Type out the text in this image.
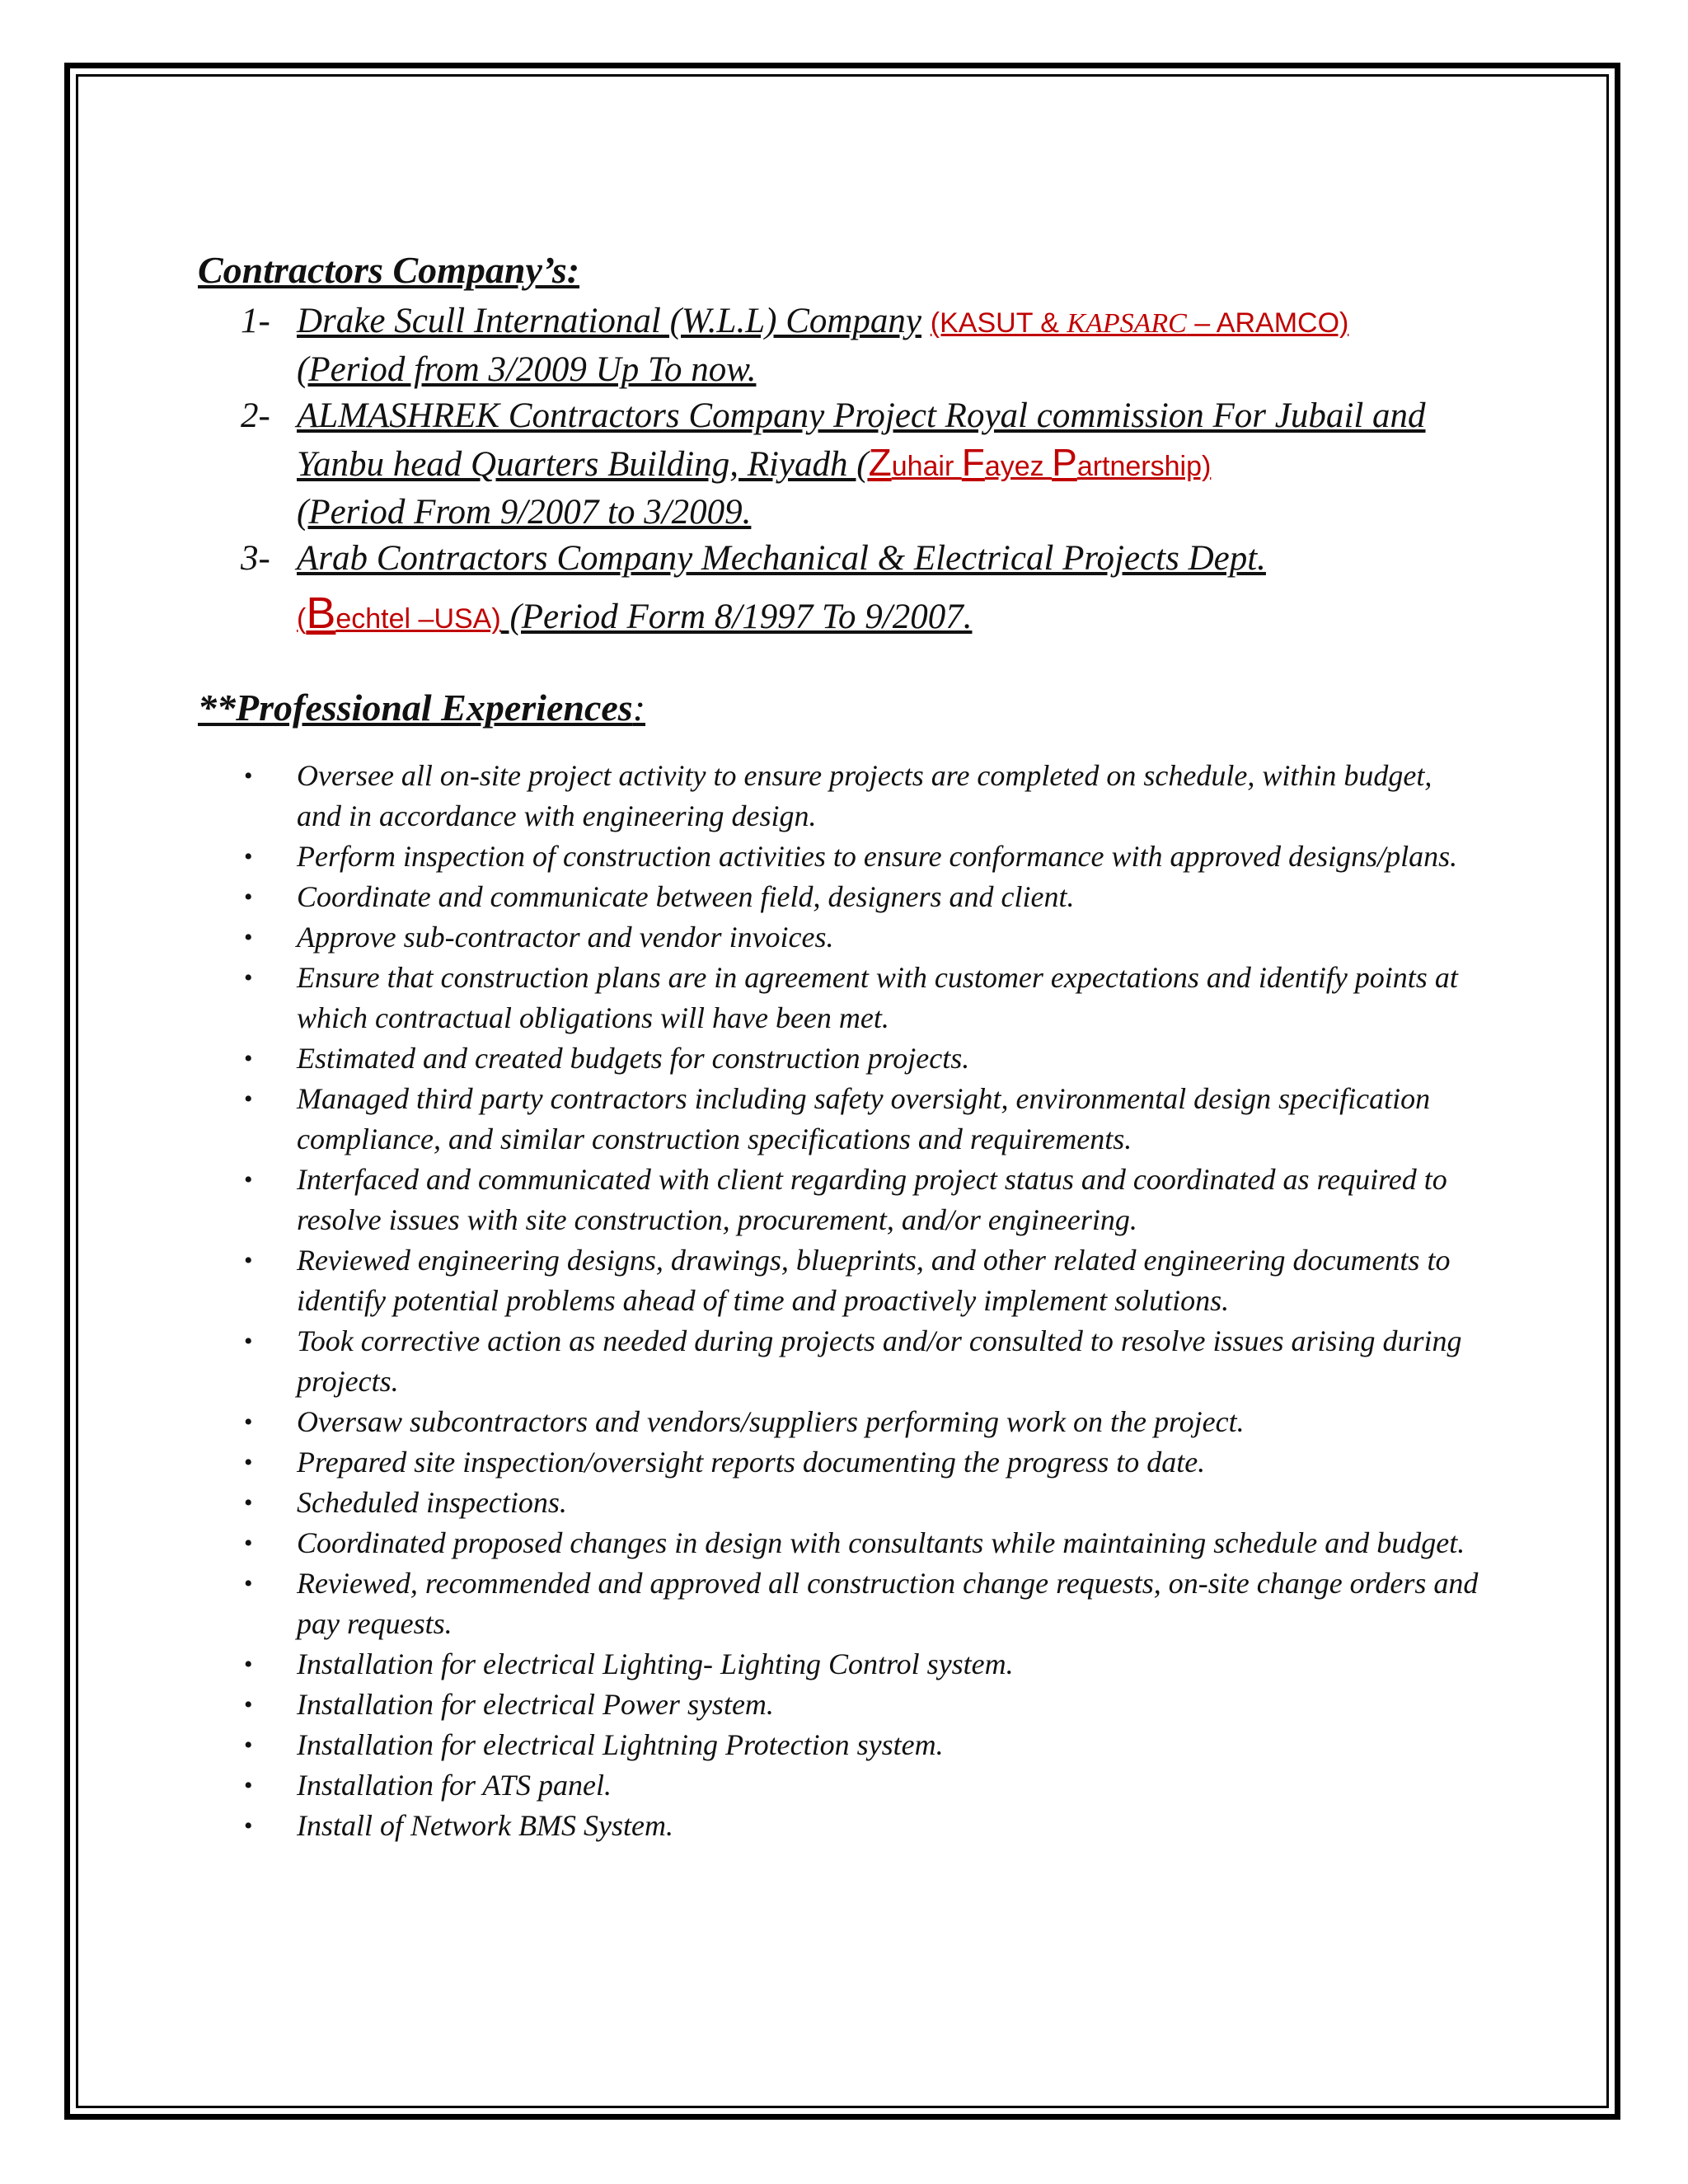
Contractors Company’s:
1- Drake Scull International (W.L.L) Company (KASUT & KAPSARC – ARAMCO)
(Period from 3/2009 Up To now.
2- ALMASHREK Contractors Company Project Royal commission For Jubail and Yanbu head Quarters Building, Riyadh (Zuhair Fayez Partnership)
(Period From 9/2007 to 3/2009.
3- Arab Contractors Company Mechanical & Electrical Projects Dept.

(Bechtel –USA) (Period Form 8/1997 To 9/2007.
**Professional Experiences:
• Oversee all on-site project activity to ensure projects are completed on schedule, within budget, and in accordance with engineering design.
• Perform inspection of construction activities to ensure conformance with approved designs/plans.
• Coordinate and communicate between field, designers and client.
• Approve sub-contractor and vendor invoices.
• Ensure that construction plans are in agreement with customer expectations and identify points at which contractual obligations will have been met.
• Estimated and created budgets for construction projects.
• Managed third party contractors including safety oversight, environmental design specification compliance, and similar construction specifications and requirements.
• Interfaced and communicated with client regarding project status and coordinated as required to resolve issues with site construction, procurement, and/or engineering.
• Reviewed engineering designs, drawings, blueprints, and other related engineering documents to identify potential problems ahead of time and proactively implement solutions.
• Took corrective action as needed during projects and/or consulted to resolve issues arising during projects.
• Oversaw subcontractors and vendors/suppliers performing work on the project.
• Prepared site inspection/oversight reports documenting the progress to date.
• Scheduled inspections.
• Coordinated proposed changes in design with consultants while maintaining schedule and budget.
• Reviewed, recommended and approved all construction change requests, on-site change orders and pay requests.
• Installation for electrical Lighting- Lighting Control system.
• Installation for electrical Power system.
• Installation for electrical Lightning Protection system.
• Installation for ATS panel.
• Install of Network BMS System.
